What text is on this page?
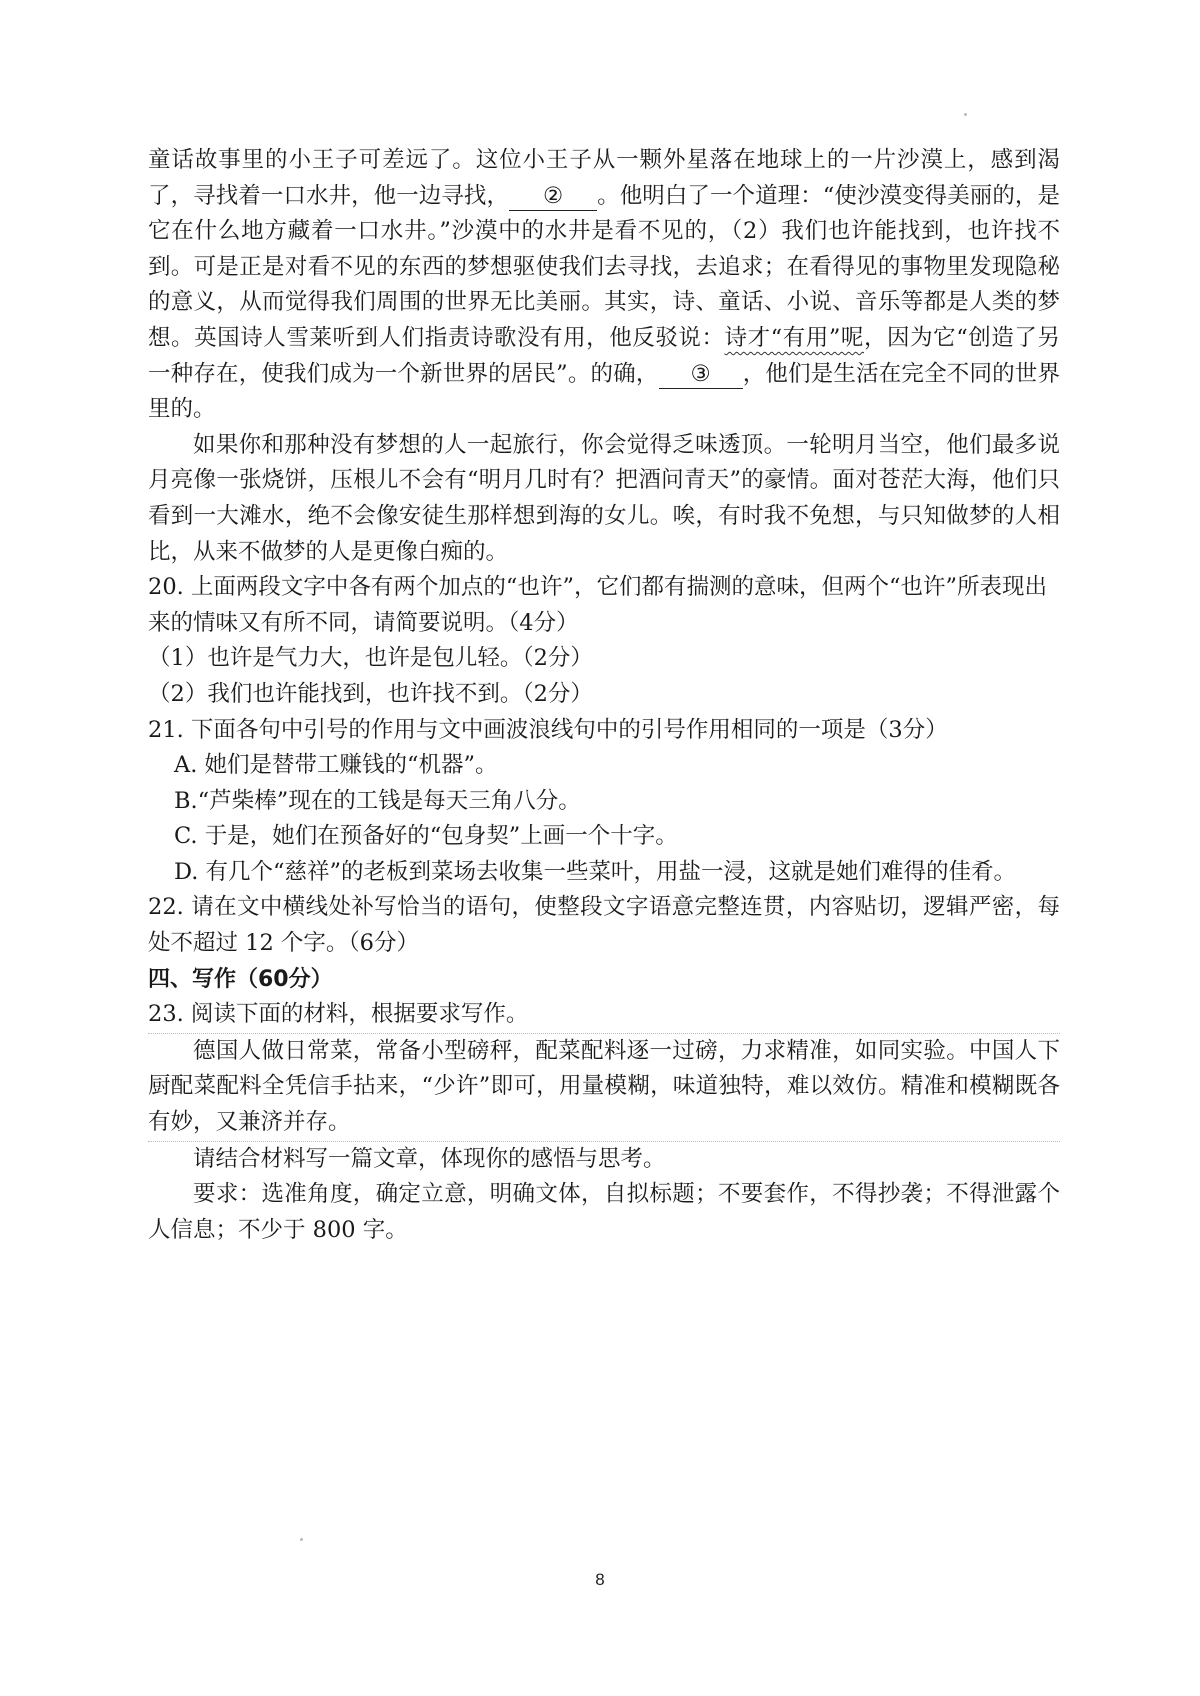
童话故事里的小王子可差远了。这位小王子从一颗外星落在地球上的一片沙漠上，感到渴了，寻找着一口水井，他一边寻找， ② 。他明白了一个道理：“使沙漠变得美丽的，是它在什么地方藏着一口水井。”沙漠中的水井是看不见的，（2）我们也许能找到，也许找不到。可是正是对看不见的东西的梦想驱使我们去寻找，去追求；在看得见的事物里发现隐秘的意义，从而觉得我们周围的世界无比美丽。其实，诗、童话、小说、音乐等都是人类的梦想。英国诗人雪莱听到人们指责诗歌没有用，他反驳说：诗才“有用”呢，因为它“创造了另一种存在，使我们成为一个新世界的居民”。的确， ③ ，他们是生活在完全不同的世界里的。

如果你和那种没有梦想的人一起旅行，你会觉得乏味透顶。一轮明月当空，他们最多说月亮像一张烧饼，压根儿不会有“明月几时有？把酒问青天”的豪情。面对苍茫大海，他们只看到一大滩水，绝不会像安徒生那样想到海的女儿。唉，有时我不免想，与只知做梦的人相比，从来不做梦的人是更像白痴的。

20. 上面两段文字中各有两个加点的“也许”，它们都有揣测的意味，但两个“也许”所表现出来的情味又有所不同，请简要说明。（4分）

（1）也许是气力大，也许是包儿轻。（2分）

（2）我们也许能找到，也许找不到。（2分）

21. 下面各句中引号的作用与文中画波浪线句中的引号作用相同的一项是（3分）

A. 她们是替带工赚钱的“机器”。

B.“芦柴棒”现在的工钱是每天三角八分。

C. 于是，她们在预备好的“包身契”上画一个十字。

D. 有几个“慈祥”的老板到菜场去收集一些菜叶，用盐一浸，这就是她们难得的佳肴。

22. 请在文中横线处补写恰当的语句，使整段文字语意完整连贯，内容贴切，逻辑严密，每处不超过 12 个字。（6分）

四、写作（60分）

23. 阅读下面的材料，根据要求写作。

德国人做日常菜，常备小型磅秤，配菜配料逐一过磅，力求精准，如同实验。中国人下厨配菜配料全凭信手拈来，“少许”即可，用量模糊，味道独特，难以效仿。精准和模糊既各有妙，又兼济并存。

请结合材料写一篇文章，体现你的感悟与思考。

要求：选准角度，确定立意，明确文体，自拟标题；不要套作，不得抄袭；不得泄露个人信息；不少于 800 字。

8
